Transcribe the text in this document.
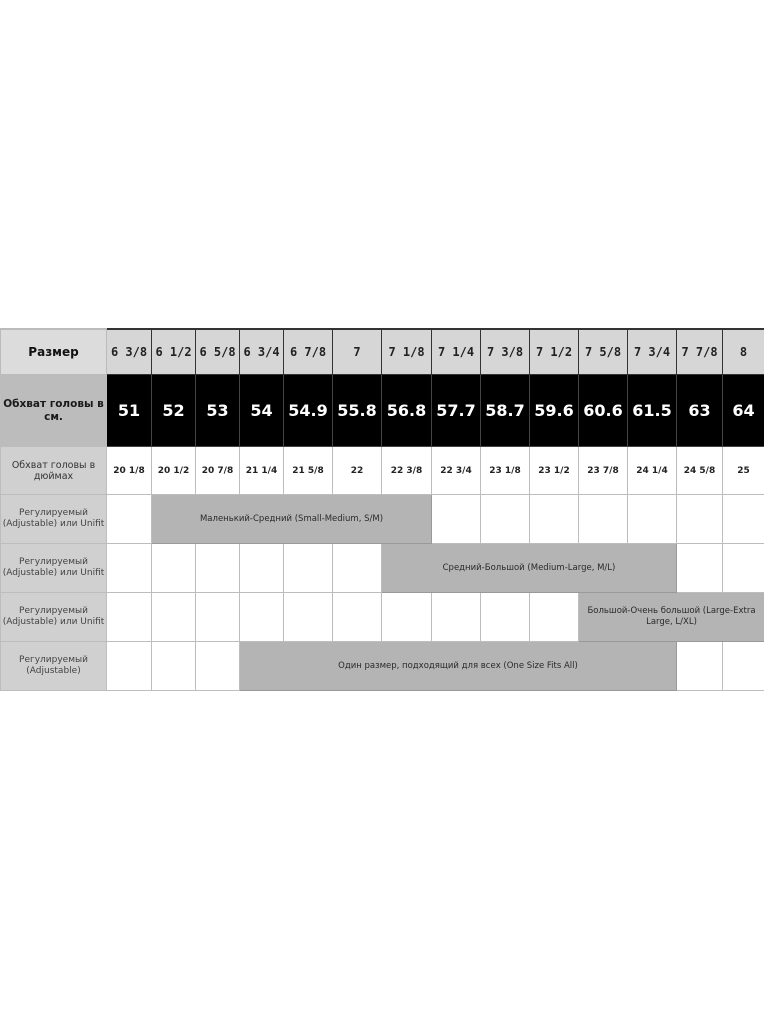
Размер	6 3/8	6 1/2	6 5/8	6 3/4	6 7/8	7	7 1/8	7 1/4	7 3/8	7 1/2	7 5/8	7 3/4	7 7/8	8
Обхват головы в см.	51	52	53	54	54.9	55.8	56.8	57.7	58.7	59.6	60.6	61.5	63	64
Обхват головы в дюймах	20 1/8	20 1/2	20 7/8	21 1/4	21 5/8	22	22 3/8	22 3/4	23 1/8	23 1/2	23 7/8	24 1/4	24 5/8	25
Регулируемый (Adjustable) или Unifit		Маленький-Средний (Small-Medium, S/M)												
Регулируемый (Adjustable) или Unifit							Средний-Большой (Medium-Large, M/L)							
Регулируемый (Adjustable) или Unifit											Большой-Очень большой (Large-Extra Large, L/XL)			
Регулируемый (Adjustable)				Один размер, подходящий для всех (One Size Fits All)										
